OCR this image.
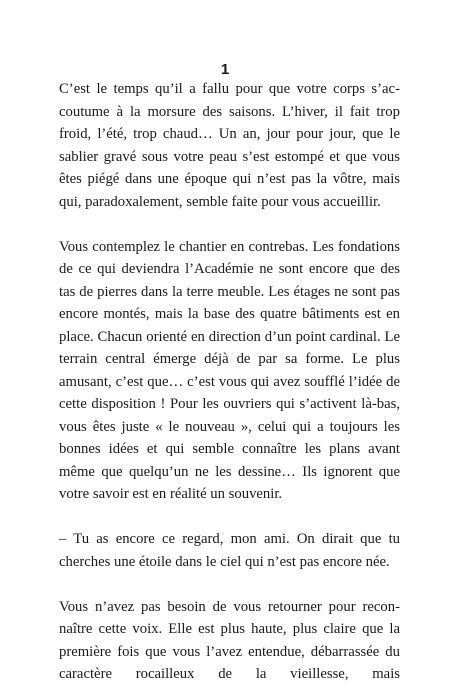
1

C’est le temps qu’il a fallu pour que votre corps s’accoutume à la morsure des saisons. L’hiver, il fait trop froid, l’été, trop chaud… Un an, jour pour jour, que le sablier gravé sous votre peau s’est estompé et que vous êtes piégé dans une époque qui n’est pas la vôtre, mais qui, paradoxalement, semble faite pour vous accueillir.

Vous contemplez le chantier en contrebas. Les fondations de ce qui deviendra l’Académie ne sont encore que des tas de pierres dans la terre meuble. Les étages ne sont pas encore montés, mais la base des quatre bâtiments est en place. Chacun orienté en direction d’un point cardinal. Le terrain central émerge déjà de par sa forme. Le plus amusant, c’est que… c’est vous qui avez soufflé l’idée de cette disposition ! Pour les ouvriers qui s’activent là-bas, vous êtes juste « le nouveau », celui qui a toujours les bonnes idées et qui semble connaître les plans avant même que quelqu’un ne les dessine… Ils ignorent que votre savoir est en réalité un souvenir.

– Tu as encore ce regard, mon ami. On dirait que tu cherches une étoile dans le ciel qui n’est pas encore née.

Vous n’avez pas besoin de vous retourner pour reconnaître cette voix. Elle est plus haute, plus claire que la première fois que vous l’avez entendue, débarrassée du caractère rocailleux de la vieillesse, mais
